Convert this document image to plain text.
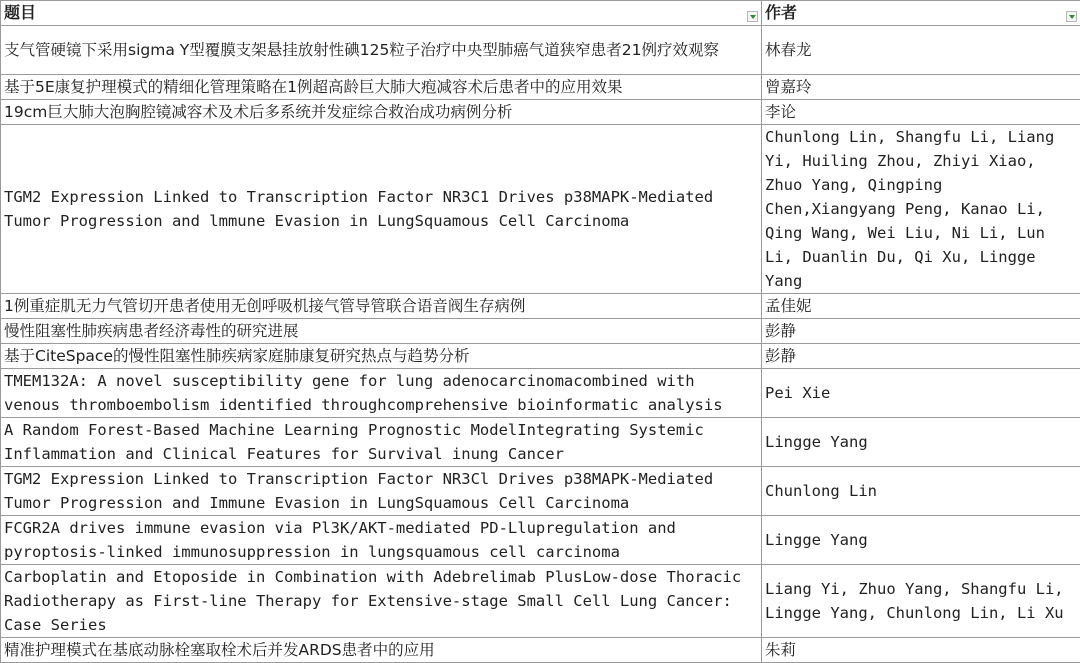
题目	作者

支气管硬镜下采用sigma Y型覆膜支架悬挂放射性碘125粒子治疗中央型肺癌气道狭窄患者21例疗效观察	林春龙
基于5E康复护理模式的精细化管理策略在1例超高龄巨大肺大疱减容术后患者中的应用效果	曾嘉玲
19cm巨大肺大泡胸腔镜减容术及术后多系统并发症综合救治成功病例分析	李论
TGM2 Expression Linked to Transcription Factor NR3C1 Drives p38MAPK-Mediated Tumor Progression and lmmune Evasion in LungSquamous Cell Carcinoma	Chunlong Lin, Shangfu Li, Liang Yi, Huiling Zhou, Zhiyi Xiao, Zhuo Yang, Qingping Chen,Xiangyang Peng, Kanao Li, Qing Wang, Wei Liu, Ni Li, Lun Li, Duanlin Du, Qi Xu, Lingge Yang
1例重症肌无力气管切开患者使用无创呼吸机接气管导管联合语音阀生存病例	孟佳妮
慢性阻塞性肺疾病患者经济毒性的研究进展	彭静
基于CiteSpace的慢性阻塞性肺疾病家庭肺康复研究热点与趋势分析	彭静
TMEM132A: A novel susceptibility gene for lung adenocarcinomacombined with venous thromboembolism identified throughcomprehensive bioinformatic analysis	Pei Xie
A Random Forest-Based Machine Learning Prognostic ModelIntegrating Systemic Inflammation and Clinical Features for Survival inung Cancer	Lingge Yang
TGM2 Expression Linked to Transcription Factor NR3Cl Drives p38MAPK-Mediated Tumor Progression and Immune Evasion in LungSquamous Cell Carcinoma	Chunlong Lin
FCGR2A drives immune evasion via Pl3K/AKT-mediated PD-Llupregulation and pyroptosis-linked immunosuppression in lungsquamous cell carcinoma	Lingge Yang
Carboplatin and Etoposide in Combination with Adebrelimab PlusLow-dose Thoracic Radiotherapy as First-line Therapy for Extensive-stage Small Cell Lung Cancer: Case Series	Liang Yi, Zhuo Yang, Shangfu Li, Lingge Yang, Chunlong Lin, Li Xu
精准护理模式在基底动脉栓塞取栓术后并发ARDS患者中的应用	朱莉
